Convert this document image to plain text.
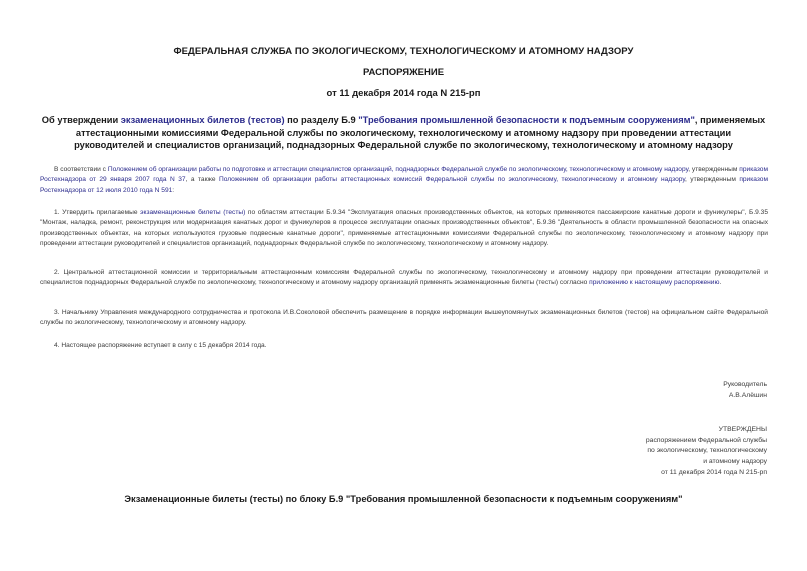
ФЕДЕРАЛЬНАЯ СЛУЖБА ПО ЭКОЛОГИЧЕСКОМУ, ТЕХНОЛОГИЧЕСКОМУ И АТОМНОМУ НАДЗОРУ
РАСПОРЯЖЕНИЕ
от 11 декабря 2014 года N 215-рп
Об утверждении экзаменационных билетов (тестов) по разделу Б.9 "Требования промышленной безопасности к подъемным сооружениям", применяемых аттестационными комиссиями Федеральной службы по экологическому, технологическому и атомному надзору при проведении аттестации руководителей и специалистов организаций, поднадзорных Федеральной службе по экологическому, технологическому и атомному надзору
В соответствии с Положением об организации работы по подготовке и аттестации специалистов организаций, поднадзорных Федеральной службе по экологическому, технологическому и атомному надзору, утвержденным приказом Ростехнадзора от 29 января 2007 года N 37, а также Положением об организации работы аттестационных комиссий Федеральной службы по экологическому, технологическому и атомному надзору, утвержденным приказом Ростехнадзора от 12 июля 2010 года N 591:
1. Утвердить прилагаемые экзаменационные билеты (тесты) по областям аттестации Б.9.34 "Эксплуатация опасных производственных объектов, на которых применяются пассажирские канатные дороги и фуникулеры", Б.9.35 "Монтаж, наладка, ремонт, реконструкция или модернизация канатных дорог и фуникулеров в процессе эксплуатации опасных производственных объектов", Б.9.36 "Деятельность в области промышленной безопасности на опасных производственных объектах, на которых используются грузовые подвесные канатные дороги", применяемые аттестационными комиссиями Федеральной службы по экологическому, технологическому и атомному надзору при проведении аттестации руководителей и специалистов организаций, поднадзорных Федеральной службе по экологическому, технологическому и атомному надзору.
2. Центральной аттестационной комиссии и территориальным аттестационным комиссиям Федеральной службы по экологическому, технологическому и атомному надзору при проведении аттестации руководителей и специалистов поднадзорных Федеральной службе по экологическому, технологическому и атомному надзору организаций применять экзаменационные билеты (тесты) согласно приложению к настоящему распоряжению.
3. Начальнику Управления международного сотрудничества и протокола И.В.Соколовой обеспечить размещение в порядке информации вышеупомянутых экзаменационных билетов (тестов) на официальном сайте Федеральной службы по экологическому, технологическому и атомному надзору.
4. Настоящее распоряжение вступает в силу с 15 декабря 2014 года.
Руководитель
А.В.Алёшин
УТВЕРЖДЕНЫ
распоряжением Федеральной службы
по экологическому, технологическому
и атомному надзору
от 11 декабря 2014 года N 215-рп
Экзаменационные билеты (тесты) по блоку Б.9 "Требования промышленной безопасности к подъемным сооружениям"
